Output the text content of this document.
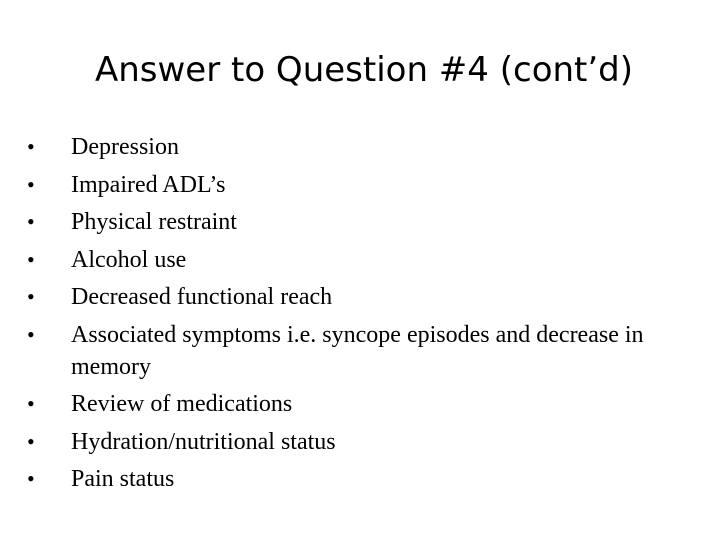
Answer to Question #4 (cont’d)
•	Depression
•	Impaired ADL’s
•	Physical restraint
•	Alcohol use
•	Decreased functional reach
•	Associated symptoms i.e. syncope episodes and decrease in memory
•	Review of medications
•	Hydration/nutritional status
•	Pain status
